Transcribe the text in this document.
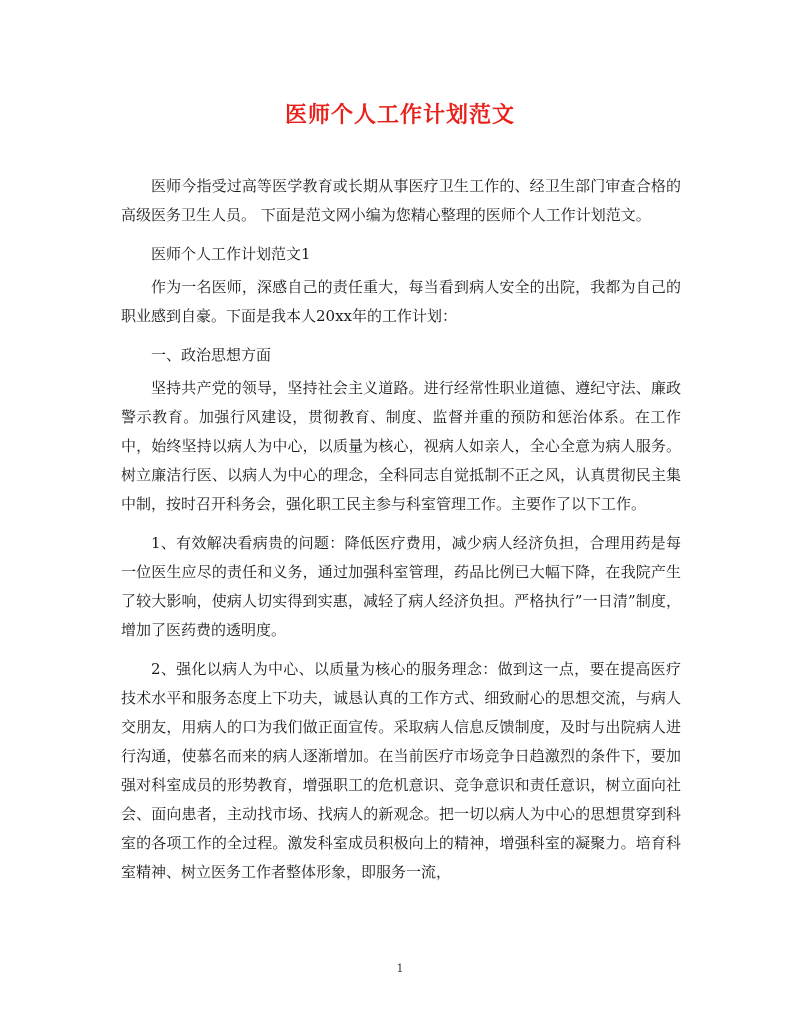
医师个人工作计划范文

医师今指受过高等医学教育或长期从事医疗卫生工作的、经卫生部门审查合格的高级医务卫生人员。 下面是范文网小编为您精心整理的医师个人工作计划范文。

医师个人工作计划范文1

作为一名医师，深感自己的责任重大，每当看到病人安全的出院，我都为自己的职业感到自豪。下面是我本人20xx年的工作计划：

一、政治思想方面

坚持共产党的领导，坚持社会主义道路。进行经常性职业道德、遵纪守法、廉政警示教育。加强行风建设，贯彻教育、制度、监督并重的预防和惩治体系。在工作中，始终坚持以病人为中心，以质量为核心，视病人如亲人，全心全意为病人服务。树立廉洁行医、以病人为中心的理念，全科同志自觉抵制不正之风，认真贯彻民主集中制，按时召开科务会，强化职工民主参与科室管理工作。主要作了以下工作。

1、有效解决看病贵的问题：降低医疗费用，减少病人经济负担，合理用药是每一位医生应尽的责任和义务，通过加强科室管理，药品比例已大幅下降，在我院产生了较大影响，使病人切实得到实惠，减轻了病人经济负担。严格执行”一日清”制度，增加了医药费的透明度。

2、强化以病人为中心、以质量为核心的服务理念：做到这一点，要在提高医疗技术水平和服务态度上下功夫，诚恳认真的工作方式、细致耐心的思想交流，与病人交朋友，用病人的口为我们做正面宣传。采取病人信息反馈制度，及时与出院病人进行沟通，使慕名而来的病人逐渐增加。在当前医疗市场竞争日趋激烈的条件下，要加强对科室成员的形势教育，增强职工的危机意识、竞争意识和责任意识，树立面向社会、面向患者，主动找市场、找病人的新观念。把一切以病人为中心的思想贯穿到科室的各项工作的全过程。激发科室成员积极向上的精神，增强科室的凝聚力。培育科室精神、树立医务工作者整体形象，即服务一流，

1
